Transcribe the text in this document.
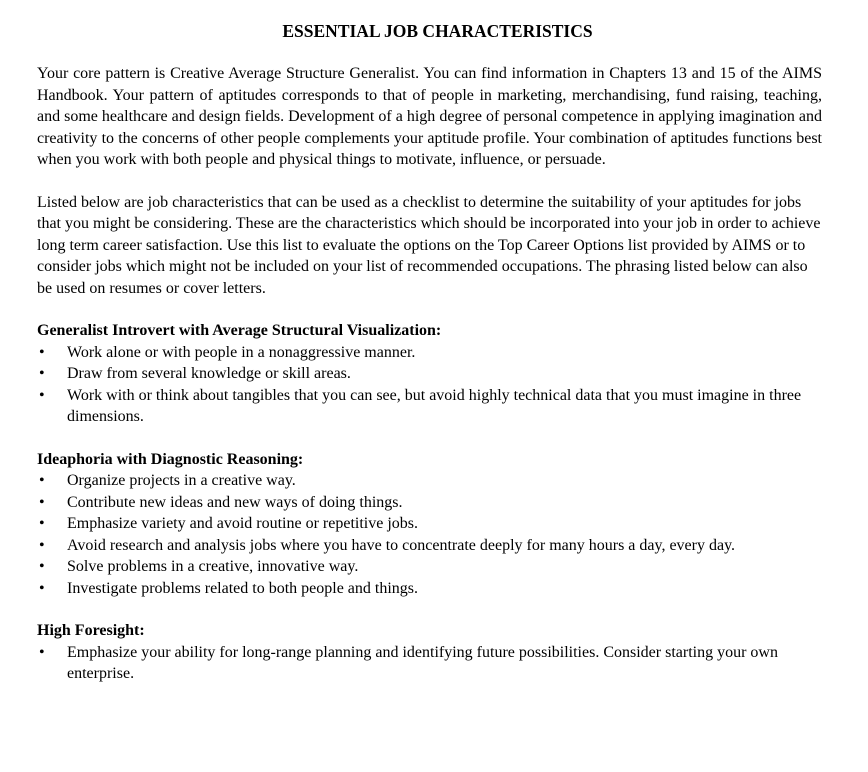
ESSENTIAL JOB CHARACTERISTICS

Your core pattern is Creative Average Structure Generalist. You can find information in Chapters 13 and 15 of the AIMS Handbook. Your pattern of aptitudes corresponds to that of people in marketing, merchandising, fund raising, teaching, and some healthcare and design fields. Development of a high degree of personal competence in applying imagination and creativity to the concerns of other people complements your aptitude profile. Your combination of aptitudes functions best when you work with both people and physical things to motivate, influence, or persuade.

Listed below are job characteristics that can be used as a checklist to determine the suitability of your aptitudes for jobs that you might be considering. These are the characteristics which should be incorporated into your job in order to achieve long term career satisfaction. Use this list to evaluate the options on the Top Career Options list provided by AIMS or to consider jobs which might not be included on your list of recommended occupations. The phrasing listed below can also be used on resumes or cover letters.

Generalist Introvert with Average Structural Visualization:
• Work alone or with people in a nonaggressive manner.
• Draw from several knowledge or skill areas.
• Work with or think about tangibles that you can see, but avoid highly technical data that you must imagine in three dimensions.
Ideaphoria with Diagnostic Reasoning:
• Organize projects in a creative way.
• Contribute new ideas and new ways of doing things.
• Emphasize variety and avoid routine or repetitive jobs.
• Avoid research and analysis jobs where you have to concentrate deeply for many hours a day, every day.
• Solve problems in a creative, innovative way.
• Investigate problems related to both people and things.
High Foresight:
• Emphasize your ability for long-range planning and identifying future possibilities. Consider starting your own enterprise.
